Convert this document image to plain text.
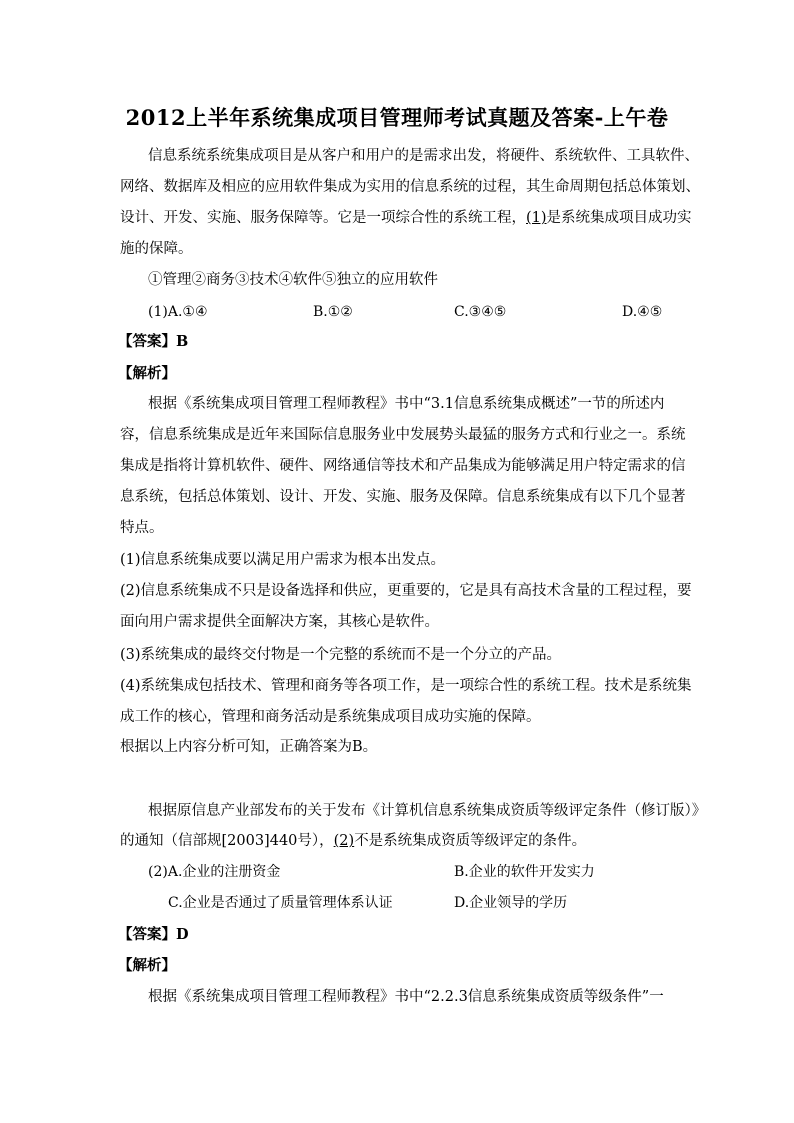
2012上半年系统集成项目管理师考试真题及答案-上午卷
信息系统系统集成项目是从客户和用户的是需求出发，将硬件、系统软件、工具软件、
网络、数据库及相应的应用软件集成为实用的信息系统的过程，其生命周期包括总体策划、
设计、开发、实施、服务保障等。它是一项综合性的系统工程，(1)是系统集成项目成功实
施的保障。
①管理②商务③技术④软件⑤独立的应用软件
(1)A.①④	B.①②	C.③④⑤	D.④⑤
【答案】B
【解析】
根据《系统集成项目管理工程师教程》书中“3.1信息系统集成概述”一节的所述内
容，信息系统集成是近年来国际信息服务业中发展势头最猛的服务方式和行业之一。系统
集成是指将计算机软件、硬件、网络通信等技术和产品集成为能够满足用户特定需求的信
息系统，包括总体策划、设计、开发、实施、服务及保障。信息系统集成有以下几个显著
特点。
(1)信息系统集成要以满足用户需求为根本出发点。
(2)信息系统集成不只是设备选择和供应，更重要的，它是具有高技术含量的工程过程，要
面向用户需求提供全面解决方案，其核心是软件。
(3)系统集成的最终交付物是一个完整的系统而不是一个分立的产品。
(4)系统集成包括技术、管理和商务等各项工作，是一项综合性的系统工程。技术是系统集
成工作的核心，管理和商务活动是系统集成项目成功实施的保障。
根据以上内容分析可知，正确答案为B。
根据原信息产业部发布的关于发布《计算机信息系统集成资质等级评定条件（修订版）》
的通知（信部规[2003]440号），(2)不是系统集成资质等级评定的条件。
(2)A.企业的注册资金	B.企业的软件开发实力
C.企业是否通过了质量管理体系认证	D.企业领导的学历
【答案】D
【解析】
根据《系统集成项目管理工程师教程》书中“2.2.3信息系统集成资质等级条件”一
